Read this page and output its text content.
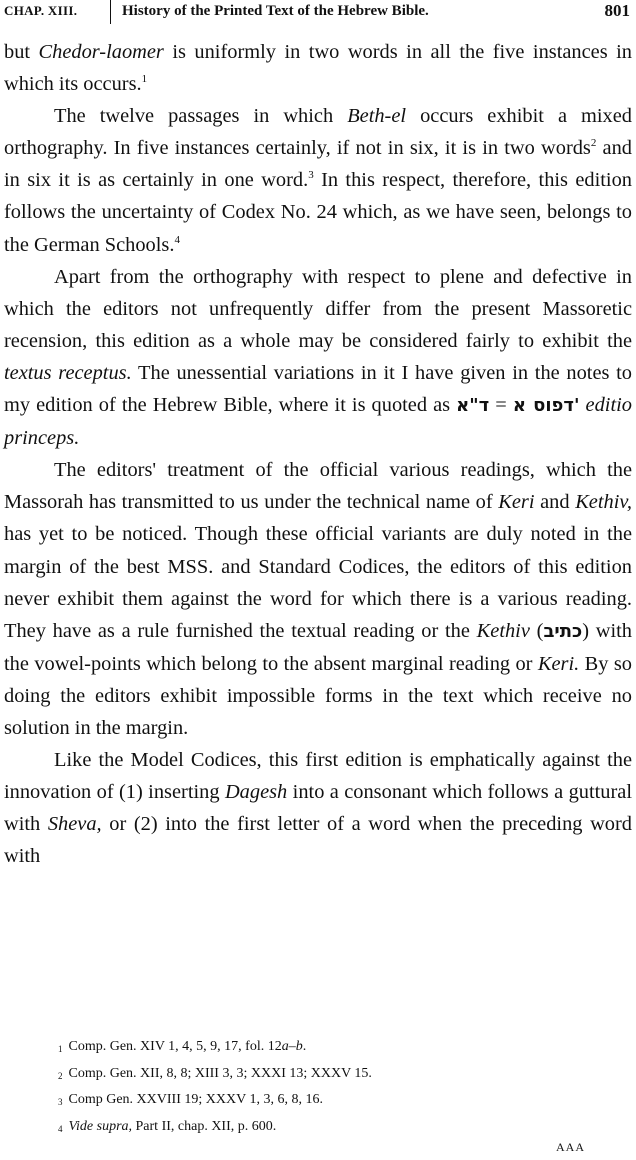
CHAP. XIII.	History of the Printed Text of the Hebrew Bible.	801

but Chedor-laomer is uniformly in two words in all the five instances in which its occurs.$^1$

The twelve passages in which Beth-el occurs exhibit a mixed orthography. In five instances certainly, if not in six, it is in two words$^2$ and in six it is as certainly in one word.$^3$ In this respect, therefore, this edition follows the uncertainty of Codex No. 24 which, as we have seen, belongs to the German Schools.$^4$

Apart from the orthography with respect to plene and defective in which the editors not unfrequently differ from the present Massoretic recension, this edition as a whole may be considered fairly to exhibit the textus receptus. The unessential variations in it I have given in the notes to my edition of the Hebrew Bible, where it is quoted as ד"א = דפוס א' editio princeps.

The editors' treatment of the official various readings, which the Massorah has transmitted to us under the technical name of Keri and Kethiv, has yet to be noticed. Though these official variants are duly noted in the margin of the best MSS. and Standard Codices, the editors of this edition never exhibit them against the word for which there is a various reading. They have as a rule furnished the textual reading or the Kethiv (כתיב) with the vowel-points which belong to the absent marginal reading or Keri. By so doing the editors exhibit impossible forms in the text which receive no solution in the margin.

Like the Model Codices, this first edition is emphatically against the innovation of (1) inserting Dagesh into a consonant which follows a guttural with Sheva, or (2) into the first letter of a word when the preceding word with

$^1$ Comp. Gen. XIV 1, 4, 5, 9, 17, fol. 12a–b.
$^2$ Comp. Gen. XII, 8, 8; XIII 3, 3; XXXI 13; XXXV 15.
$^3$ Comp Gen. XXVIII 19; XXXV 1, 3, 6, 8, 16.
$^4$ Vide supra, Part II, chap. XII, p. 600.
AAA
